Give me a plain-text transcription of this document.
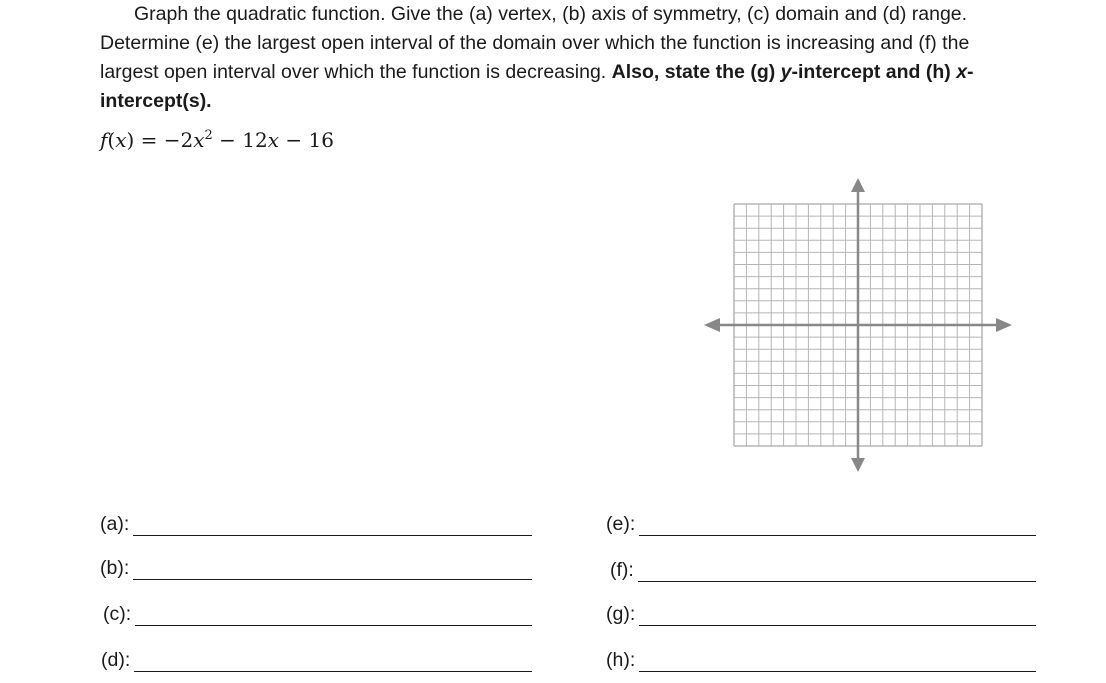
Graph the quadratic function. Give the (a) vertex, (b) axis of symmetry, (c) domain and (d) range. Determine (e) the largest open interval of the domain over which the function is increasing and (f) the largest open interval over which the function is decreasing. Also, state the (g) y-intercept and (h) x-intercept(s).

$f(x) = -2x^2 - 12x - 16$
(a):
(b):
(c):
(d):
(e):
(f):
(g):
(h):
